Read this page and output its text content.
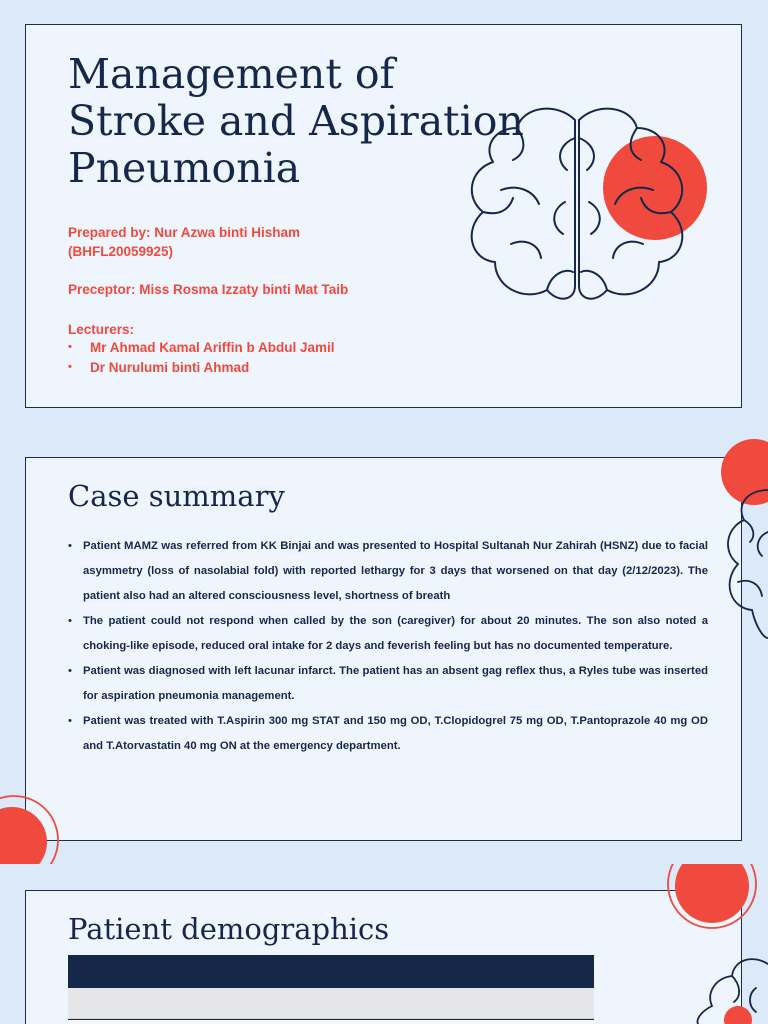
Management of Stroke and Aspiration Pneumonia
Prepared by: Nur Azwa binti Hisham (BHFL20059925)
Preceptor: Miss Rosma Izzaty binti Mat Taib
Lecturers:
• Mr Ahmad Kamal Ariffin b Abdul Jamil
• Dr Nurulumi binti Ahmad
Case summary
• Patient MAMZ was referred from KK Binjai and was presented to Hospital Sultanah Nur Zahirah (HSNZ) due to facial asymmetry (loss of nasolabial fold) with reported lethargy for 3 days that worsened on that day (2/12/2023). The patient also had an altered consciousness level, shortness of breath
• The patient could not respond when called by the son (caregiver) for about 20 minutes. The son also noted a choking-like episode, reduced oral intake for 2 days and feverish feeling but has no documented temperature.
• Patient was diagnosed with left lacunar infarct. The patient has an absent gag reflex thus, a Ryles tube was inserted for aspiration pneumonia management.
• Patient was treated with T.Aspirin 300 mg STAT and 150 mg OD, T.Clopidogrel 75 mg OD, T.Pantoprazole 40 mg OD and T.Atorvastatin 40 mg ON at the emergency department.
Patient demographics
